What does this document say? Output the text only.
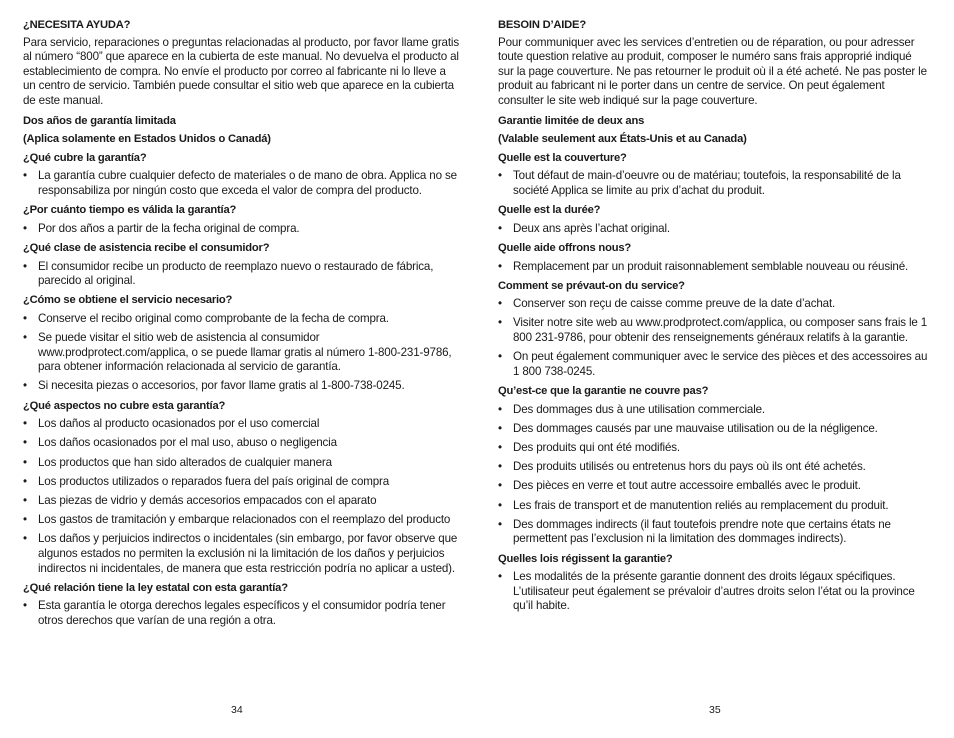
¿NECESITA AYUDA?
Para servicio, reparaciones o preguntas relacionadas al producto, por favor llame gratis al número “800” que aparece en la cubierta de este manual. No devuelva el producto al establecimiento de compra. No envíe el producto por correo al fabricante ni lo lleve a un centro de servicio. También puede consultar el sitio web que aparece en la cubierta de este manual.
Dos años de garantía limitada
(Aplica solamente en Estados Unidos o Canadá)
¿Qué cubre la garantía?
• La garantía cubre cualquier defecto de materiales o de mano de obra. Applica no se responsabiliza por ningún costo que exceda el valor de compra del producto.
¿Por cuánto tiempo es válida la garantía?
• Por dos años a partir de la fecha original de compra.
¿Qué clase de asistencia recibe el consumidor?
• El consumidor recibe un producto de reemplazo nuevo o restaurado de fábrica, parecido al original.
¿Cómo se obtiene el servicio necesario?
• Conserve el recibo original como comprobante de la fecha de compra.
• Se puede visitar el sitio web de asistencia al consumidor www.prodprotect.com/applica, o se puede llamar gratis al número 1-800-231-9786, para obtener información relacionada al servicio de garantía.
• Si necesita piezas o accesorios, por favor llame gratis al 1-800-738-0245.
¿Qué aspectos no cubre esta garantía?
• Los daños al producto ocasionados por el uso comercial
• Los daños ocasionados por el mal uso, abuso o negligencia
• Los productos que han sido alterados de cualquier manera
• Los productos utilizados o reparados fuera del país original de compra
• Las piezas de vidrio y demás accesorios empacados con el aparato
• Los gastos de tramitación y embarque relacionados con el reemplazo del producto
• Los daños y perjuicios indirectos o incidentales (sin embargo, por favor observe que algunos estados no permiten la exclusión ni la limitación de los daños y perjuicios indirectos ni incidentales, de manera que esta restricción podría no aplicar a usted).
¿Qué relación tiene la ley estatal con esta garantía?
• Esta garantía le otorga derechos legales específicos y el consumidor podría tener otros derechos que varían de una región a otra.
BESOIN D’AIDE?
Pour communiquer avec les services d’entretien ou de réparation, ou pour adresser toute question relative au produit, composer le numéro sans frais approprié indiqué sur la page couverture. Ne pas retourner le produit où il a été acheté. Ne pas poster le produit au fabricant ni le porter dans un centre de service. On peut également consulter le site web indiqué sur la page couverture.
Garantie limitée de deux ans
(Valable seulement aux États-Unis et au Canada)
Quelle est la couverture?
• Tout défaut de main-d’oeuvre ou de matériau; toutefois, la responsabilité de la société Applica se limite au prix d’achat du produit.
Quelle est la durée?
• Deux ans après l’achat original.
Quelle aide offrons nous?
• Remplacement par un produit raisonnablement semblable nouveau ou réusiné.
Comment se prévaut-on du service?
• Conserver son reçu de caisse comme preuve de la date d’achat.
• Visiter notre site web au www.prodprotect.com/applica, ou composer sans frais le 1 800 231-9786, pour obtenir des renseignements généraux relatifs à la garantie.
• On peut également communiquer avec le service des pièces et des accessoires au 1 800 738-0245.
Qu’est-ce que la garantie ne couvre pas?
• Des dommages dus à une utilisation commerciale.
• Des dommages causés par une mauvaise utilisation ou de la négligence.
• Des produits qui ont été modifiés.
• Des produits utilisés ou entretenus hors du pays où ils ont été achetés.
• Des pièces en verre et tout autre accessoire emballés avec le produit.
• Les frais de transport et de manutention reliés au remplacement du produit.
• Des dommages indirects (il faut toutefois prendre note que certains états ne permettent pas l’exclusion ni la limitation des dommages indirects).
Quelles lois régissent la garantie?
• Les modalités de la présente garantie donnent des droits légaux spécifiques. L’utilisateur peut également se prévaloir d’autres droits selon l’état ou la province qu’il habite.
34	35
